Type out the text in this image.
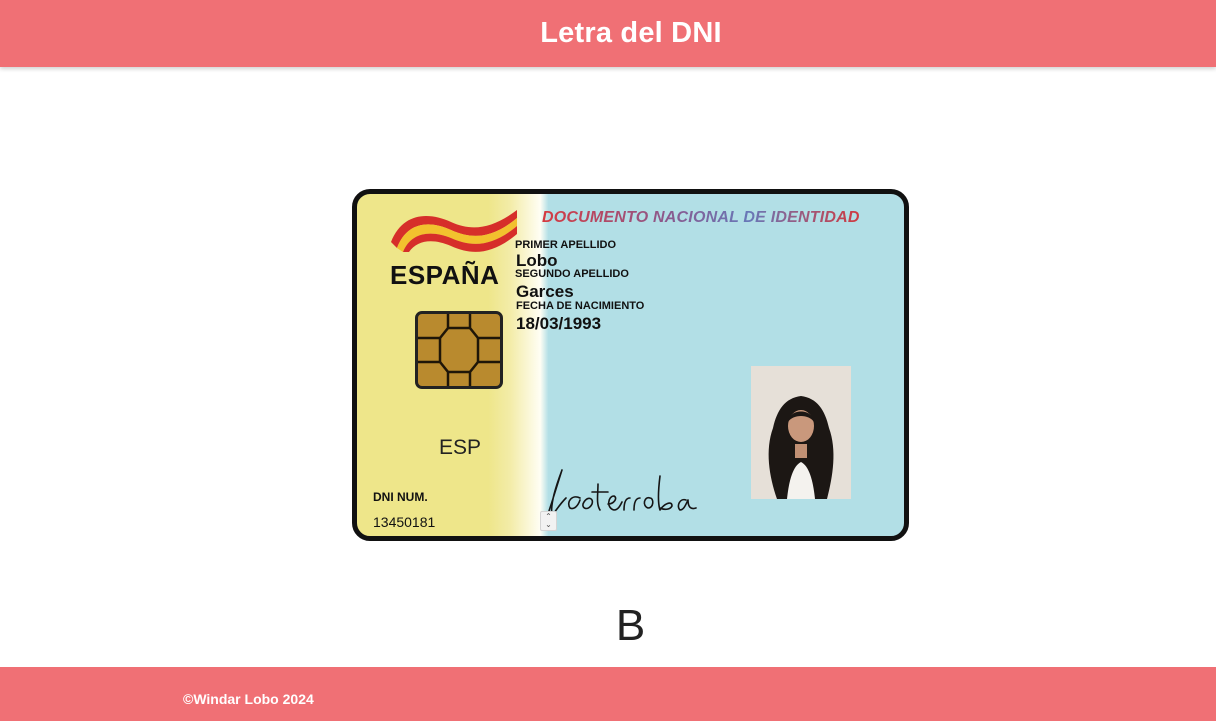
Letra del DNI
ESPAÑA
ESP
DOCUMENTO NACIONAL DE IDENTIDAD
PRIMER APELLIDO
Lobo
SEGUNDO APELLIDO
Garces
FECHA DE NACIMIENTO
18/03/1993
DNI NUM.
13450181
⌃
⌄
B

©Windar Lobo 2024
